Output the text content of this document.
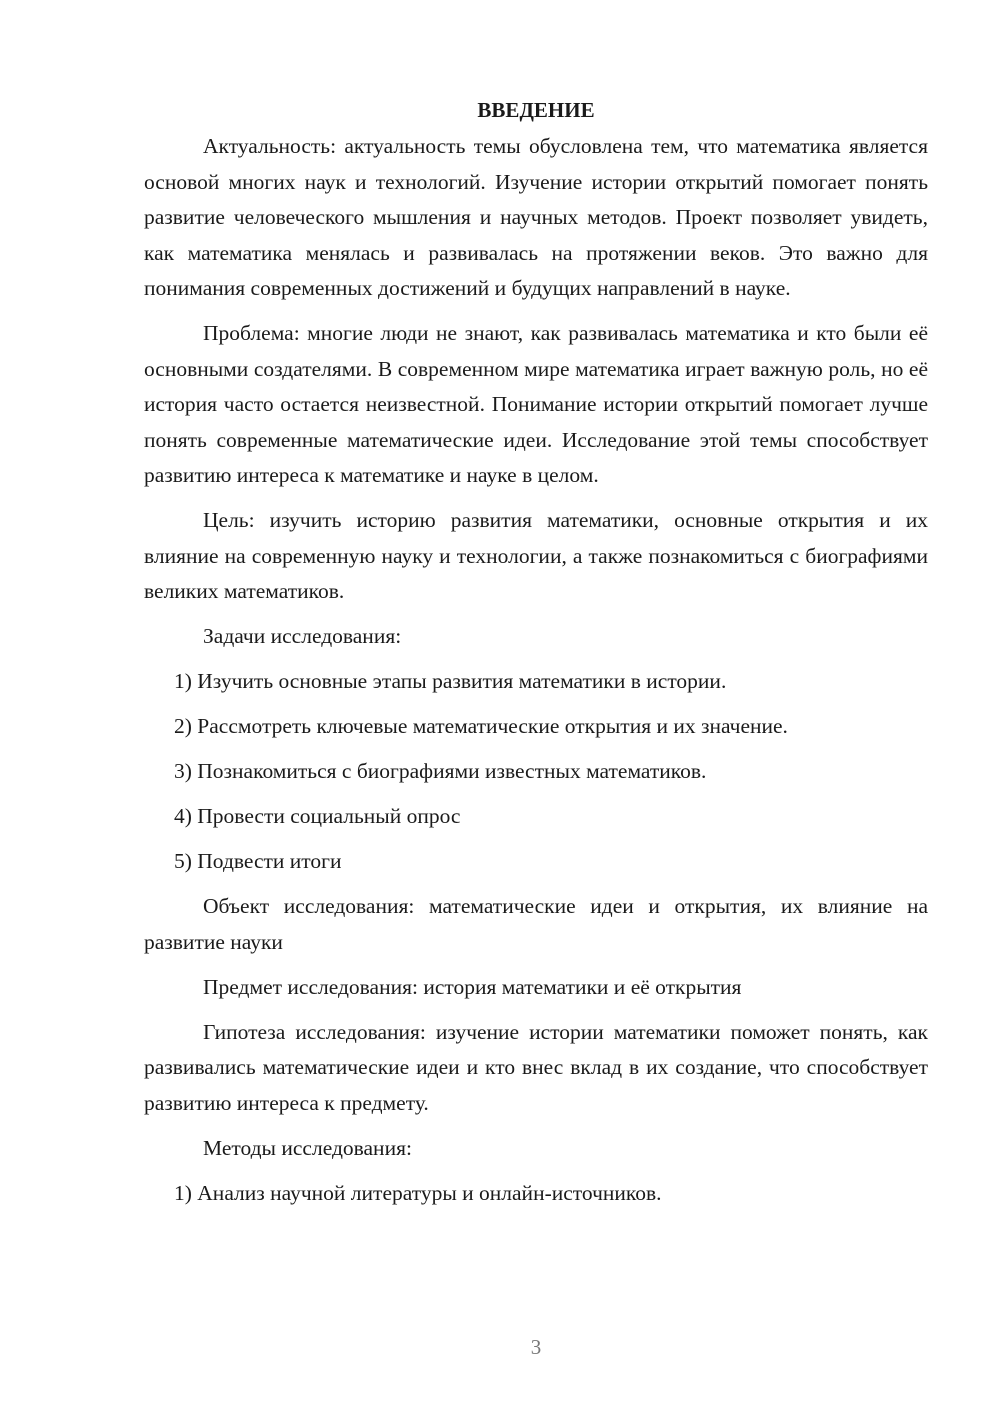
ВВЕДЕНИЕ

Актуальность: актуальность темы обусловлена тем, что математика является основой многих наук и технологий. Изучение истории открытий помогает понять развитие человеческого мышления и научных методов. Проект позволяет увидеть, как математика менялась и развивалась на протяжении веков. Это важно для понимания современных достижений и будущих направлений в науке.

Проблема: многие люди не знают, как развивалась математика и кто были её основными создателями. В современном мире математика играет важную роль, но её история часто остается неизвестной. Понимание истории открытий помогает лучше понять современные математические идеи. Исследование этой темы способствует развитию интереса к математике и науке в целом.

Цель: изучить историю развития математики, основные открытия и их влияние на современную науку и технологии, а также познакомиться с биографиями великих математиков.

Задачи исследования:
1) Изучить основные этапы развития математики в истории.
2) Рассмотреть ключевые математические открытия и их значение.
3) Познакомиться с биографиями известных математиков.
4) Провести социальный опрос
5) Подвести итоги

Объект исследования: математические идеи и открытия, их влияние на развитие науки

Предмет исследования: история математики и её открытия

Гипотеза исследования: изучение истории математики поможет понять, как развивались математические идеи и кто внес вклад в их создание, что способствует развитию интереса к предмету.

Методы исследования:
1) Анализ научной литературы и онлайн-источников.
3
